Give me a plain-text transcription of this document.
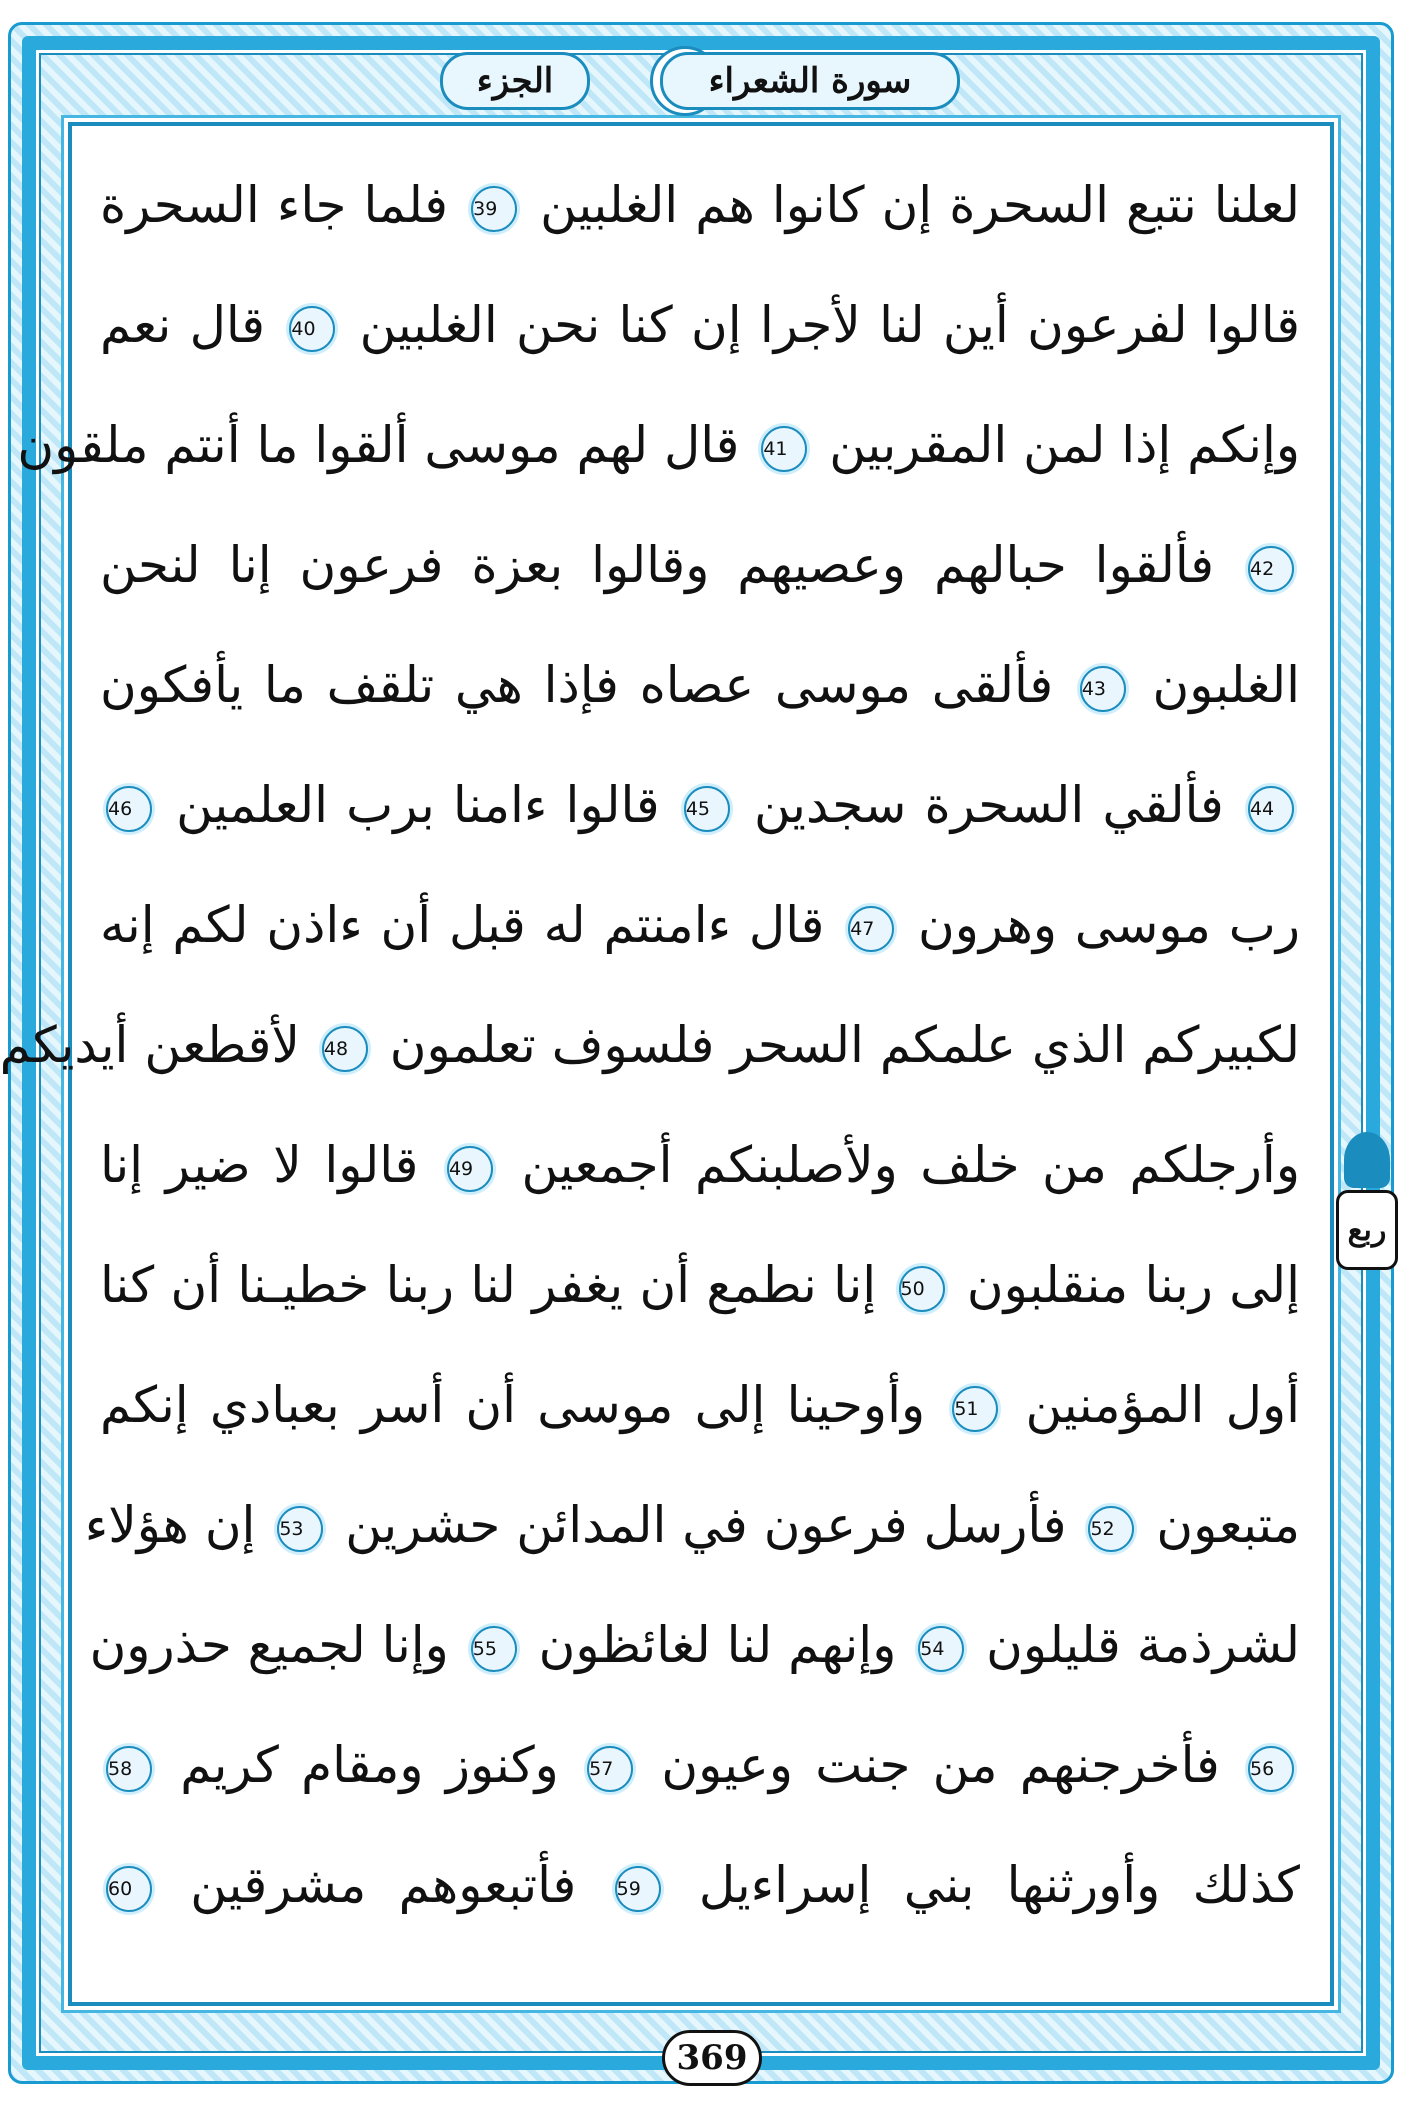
الجزء	سورة الشعراء
لعلنا نتبع السحرة إن كانوا هم الغلبين 39 فلما جاء السحرة
قالوا لفرعون أين لنا لأجرا إن كنا نحن الغلبين 40 قال نعم
وإنكم إذا لمن المقربين 41 قال لهم موسى ألقوا ما أنتم ملقون
42 فألقوا حبالهم وعصيهم وقالوا بعزة فرعون إنا لنحن
الغلبون 43 فألقى موسى عصاه فإذا هي تلقف ما يأفكون
44 فألقي السحرة سجدين 45 قالوا ءامنا برب العلمين 46
رب موسى وهرون 47 قال ءامنتم له قبل أن ءاذن لكم إنه
لكبيركم الذي علمكم السحر فلسوف تعلمون 48 لأقطعن أيديكم
وأرجلكم من خلف ولأصلبنكم أجمعين 49 قالوا لا ضير إنا
إلى ربنا منقلبون 50 إنا نطمع أن يغفر لنا ربنا خطيـنا أن كنا
أول المؤمنين 51 وأوحينا إلى موسى أن أسر بعبادي إنكم
متبعون 52 فأرسل فرعون في المدائن حشرين 53 إن هؤلاء
لشرذمة قليلون 54 وإنهم لنا لغائظون 55 وإنا لجميع حذرون
56 فأخرجنهم من جنت وعيون 57 وكنوز ومقام كريم 58
كذلك وأورثنها بني إسراءيل 59 فأتبعوهم مشرقين 60
ربع
369
